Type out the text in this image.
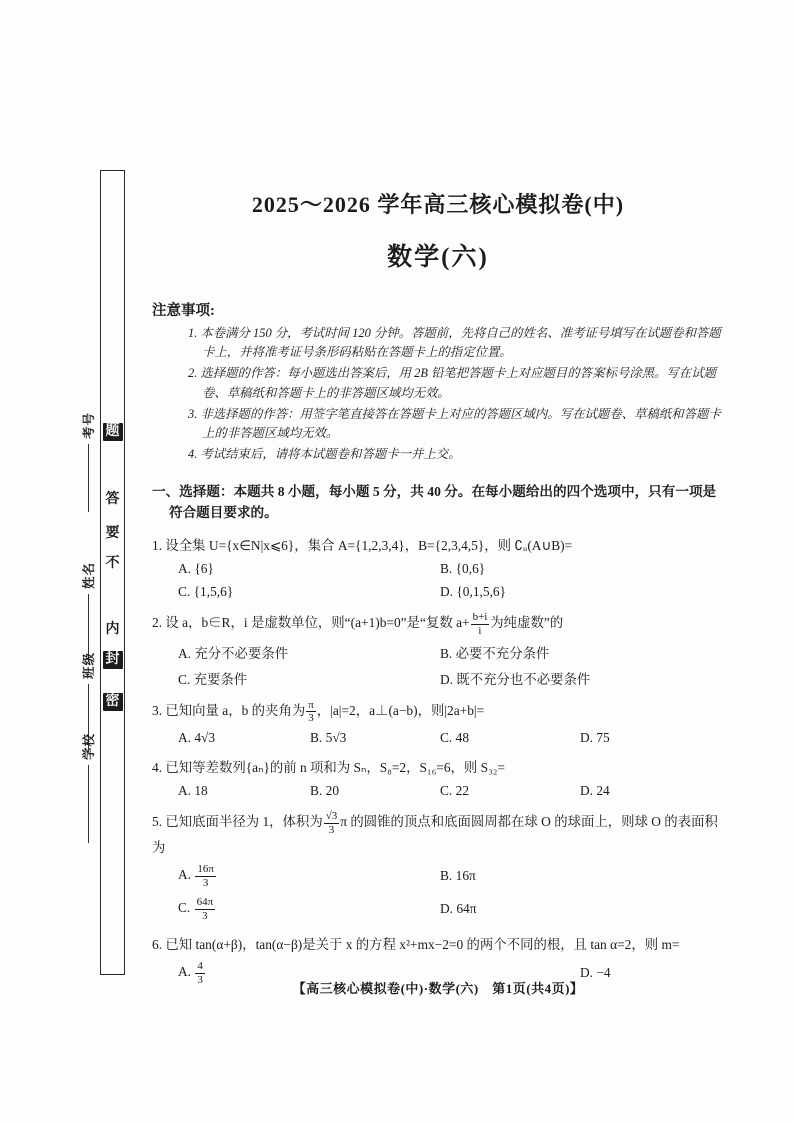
题
答
要
不
内
封
密
考号
姓名
班级
学校
2025～2026 学年高三核心模拟卷(中)
数学(六)
注意事项:
1. 本卷满分 150 分，考试时间 120 分钟。答题前，先将自己的姓名、准考证号填写在试题卷和答题卡上，并将准考证号条形码粘贴在答题卡上的指定位置。
2. 选择题的作答：每小题选出答案后，用 2B 铅笔把答题卡上对应题目的答案标号涂黑。写在试题卷、草稿纸和答题卡上的非答题区域均无效。
3. 非选择题的作答：用签字笔直接答在答题卡上对应的答题区域内。写在试题卷、草稿纸和答题卡上的非答题区域均无效。
4. 考试结束后，请将本试题卷和答题卡一并上交。
一、选择题：本题共 8 小题，每小题 5 分，共 40 分。在每小题给出的四个选项中，只有一项是符合题目要求的。
1. 设全集 U={x∈N|x⩽6}，集合 A={1,2,3,4}，B={2,3,4,5}，则 ∁ᵤ(A∪B)=
A. {6}	B. {0,6}
C. {1,5,6}	D. {0,1,5,6}
2. 设 a，b∈R，i 是虚数单位，则“(a+1)b=0”是“复数 $a+ \frac{b+i}{i}$ 为纯虚数”的
A. 充分不必要条件	B. 必要不充分条件
C. 充要条件	D. 既不充分也不必要条件
3. 已知向量 a，b 的夹角为 $\frac{\pi}{3}$ ，|a|=2，a⊥(a−b)，则|2a+b|=
A. 4√3	B. 5√3	C. 48	D. 75
4. 已知等差数列{aₙ}的前 n 项和为 Sₙ，S₈=2，S₁₆=6，则 S₃₂=
A. 18	B. 20	C. 22	D. 24
5. 已知底面半径为 1，体积为 $\frac{√3}{3}$ π 的圆锥的顶点和底面圆周都在球 O 的球面上，则球 O 的表面积为
A. $\frac{16\pi}{3}$	B. 16π
C. $\frac{64\pi}{3}$	D. 64π
6. 已知 tan(α+β)，tan(α−β)是关于 x 的方程 x²+mx−2=0 的两个不同的根，且 tan α=2，则 m=
A. $\frac{4}{3}$	D. −4
【高三核心模拟卷(中)·数学(六)　第1页(共4页)】
